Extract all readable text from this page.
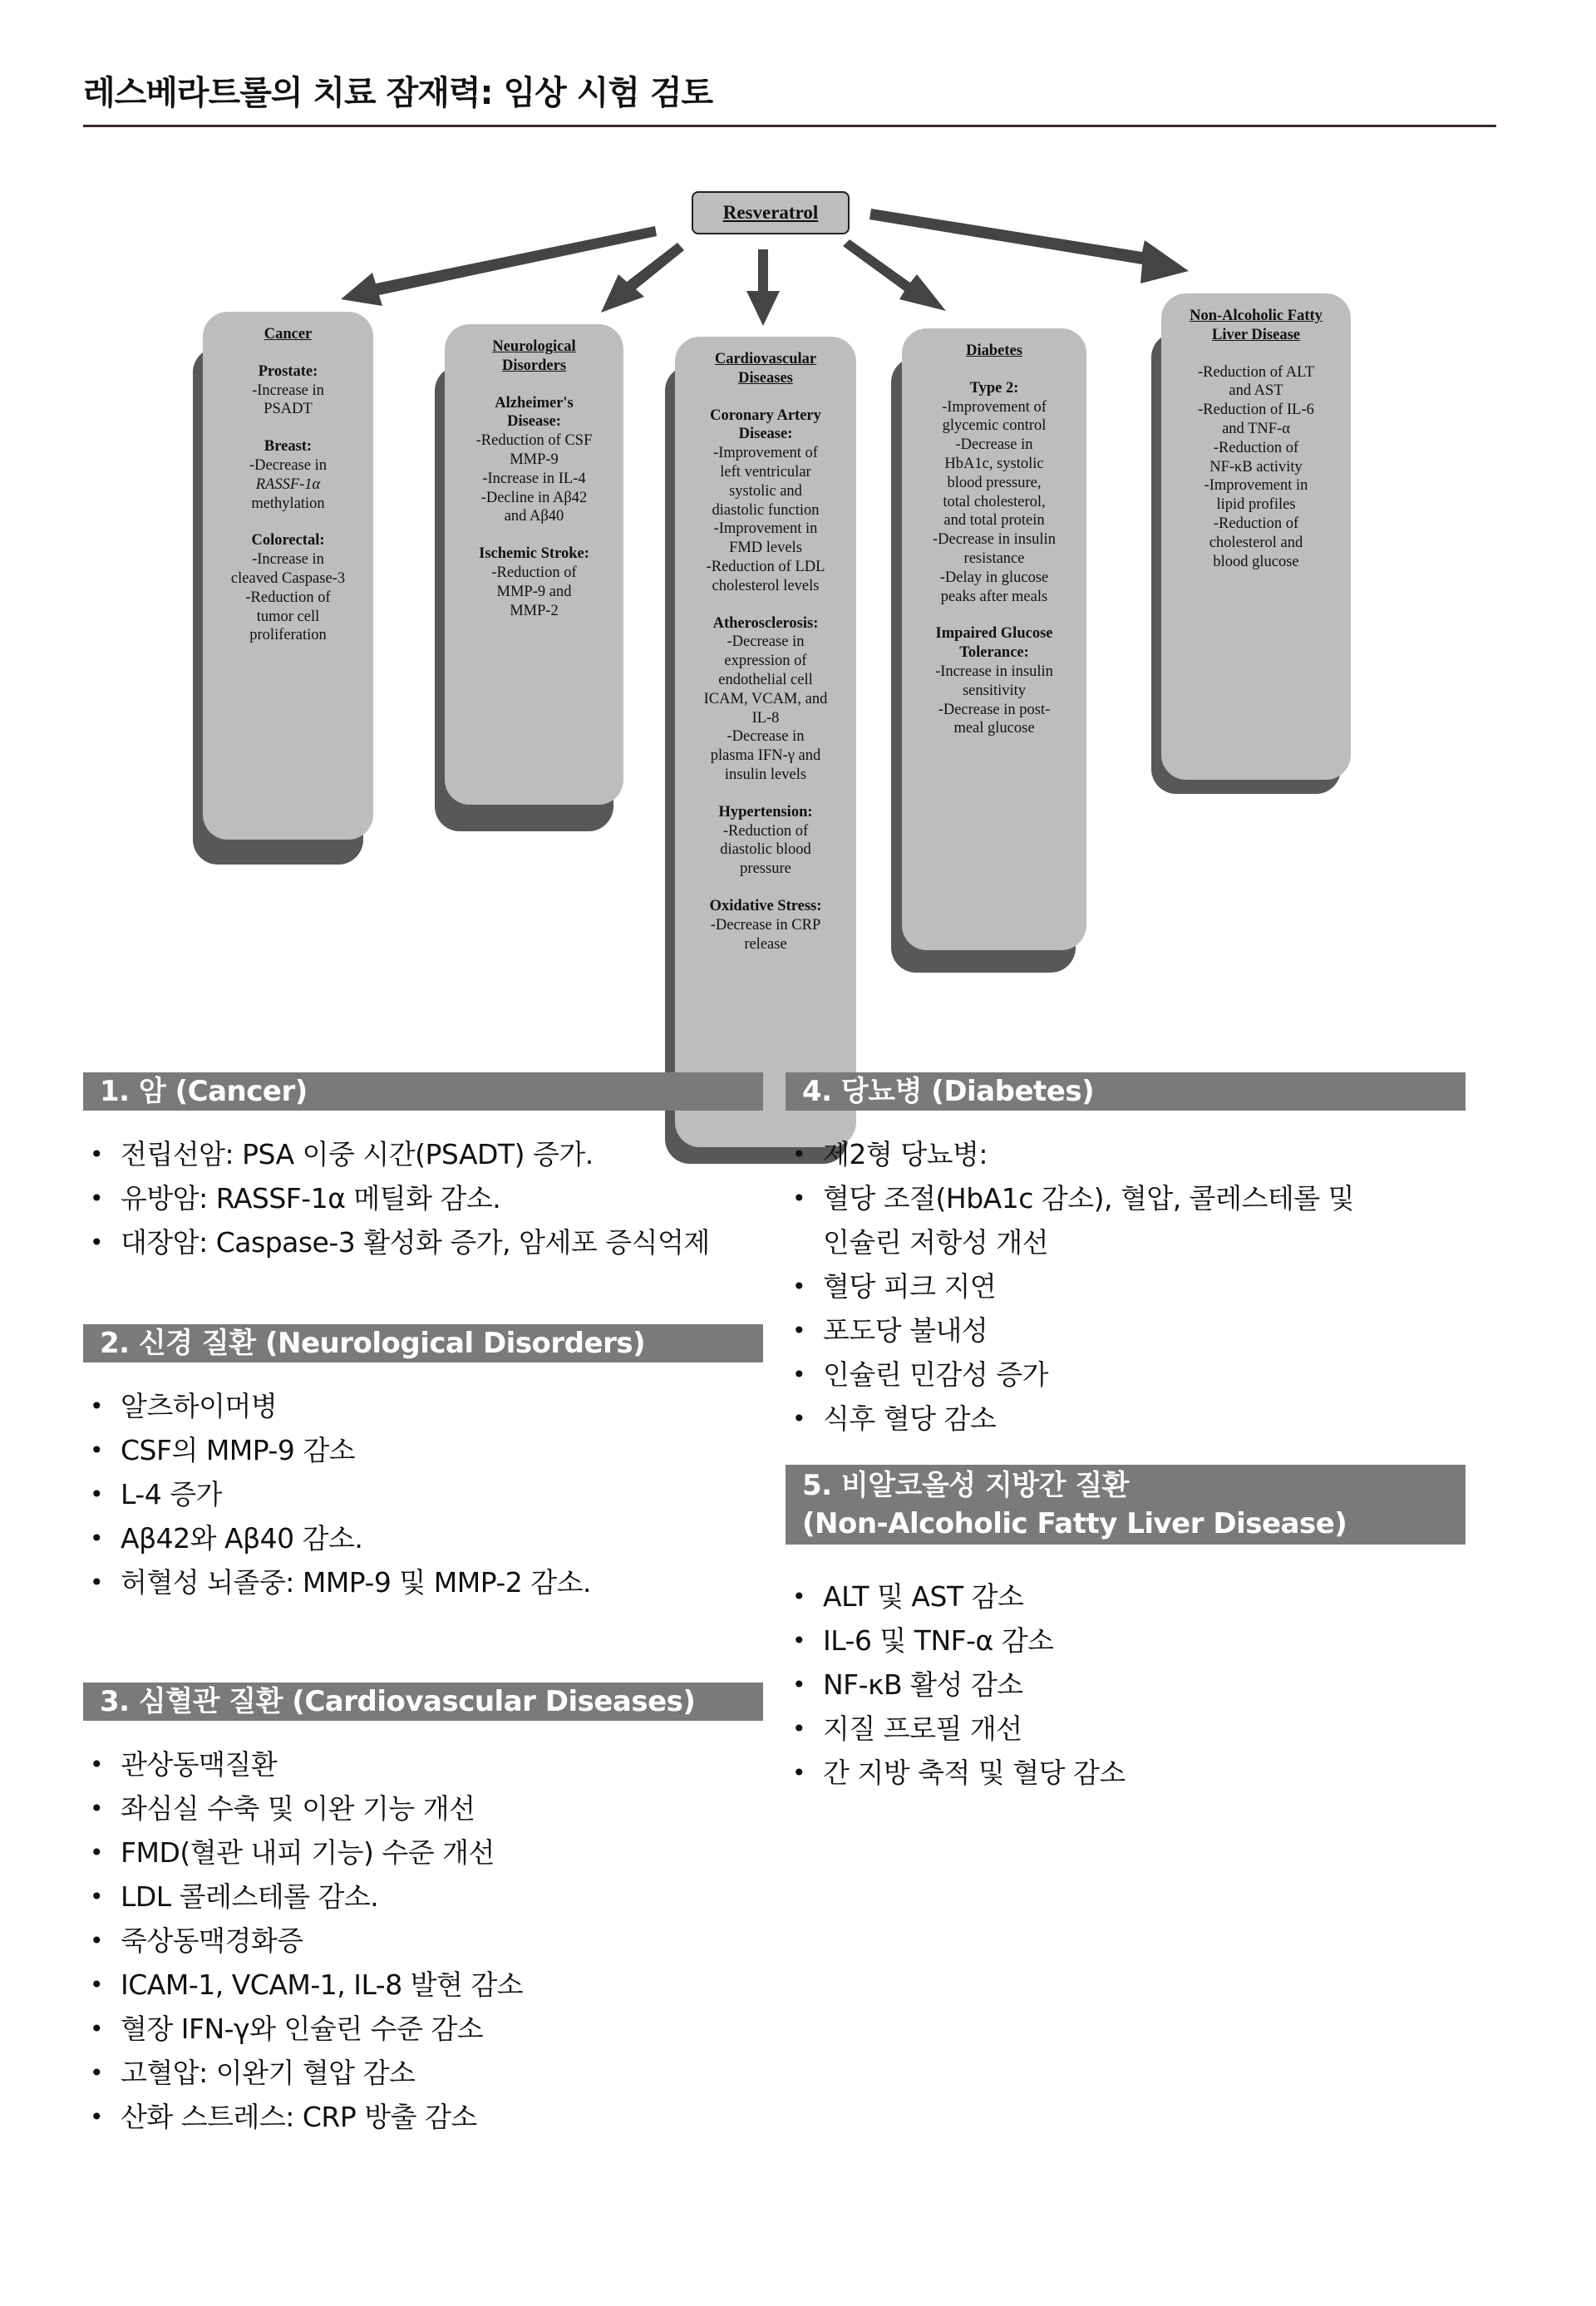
레스베라트롤의 치료 잠재력: 임상 시험 검토
Resveratrol
Cancer
Prostate:
-Increase in
PSADT
Breast:
-Decrease in
RASSF-1α
methylation
Colorectal:
-Increase in
cleaved Caspase-3
-Reduction of
tumor cell
proliferation
Neurological Disorders
Alzheimer's
Disease:
-Reduction of CSF
MMP-9
-Increase in IL-4
-Decline in Aβ42
and Aβ40
Ischemic Stroke:
-Reduction of
MMP-9 and
MMP-2
Cardiovascular Diseases
Coronary Artery
Disease:
-Improvement of
left ventricular
systolic and
diastolic function
-Improvement in
FMD levels
-Reduction of LDL
cholesterol levels
Atherosclerosis:
-Decrease in
expression of
endothelial cell
ICAM, VCAM, and
IL-8
-Decrease in
plasma IFN-γ and
insulin levels
Hypertension:
-Reduction of
diastolic blood
pressure
Oxidative Stress:
-Decrease in CRP
release
Diabetes
Type 2:
-Improvement of
glycemic control
-Decrease in
HbA1c, systolic
blood pressure,
total cholesterol,
and total protein
-Decrease in insulin
resistance
-Delay in glucose
peaks after meals
Impaired Glucose
Tolerance:
-Increase in insulin
sensitivity
-Decrease in post-
meal glucose
Non-Alcoholic Fatty Liver Disease
-Reduction of ALT
and AST
-Reduction of IL-6
and TNF-α
-Reduction of
NF-κB activity
-Improvement in
lipid profiles
-Reduction of
cholesterol and
blood glucose
1. 암 (Cancer)
• 전립선암: PSA 이중 시간(PSADT) 증가.
• 유방암: RASSF-1α 메틸화 감소.
• 대장암: Caspase-3 활성화 증가, 암세포 증식억제
2. 신경 질환 (Neurological Disorders)
• 알츠하이머병
• CSF의 MMP-9 감소
• L-4 증가
• Aβ42와 Aβ40 감소.
• 허혈성 뇌졸중: MMP-9 및 MMP-2 감소.
3. 심혈관 질환 (Cardiovascular Diseases)
• 관상동맥질환
• 좌심실 수축 및 이완 기능 개선
• FMD(혈관 내피 기능) 수준 개선
• LDL 콜레스테롤 감소.
• 죽상동맥경화증
• ICAM-1, VCAM-1, IL-8 발현 감소
• 혈장 IFN-γ와 인슐린 수준 감소
• 고혈압: 이완기 혈압 감소
• 산화 스트레스: CRP 방출 감소
4. 당뇨병 (Diabetes)
• 제2형 당뇨병:
• 혈당 조절(HbA1c 감소), 혈압, 콜레스테롤 및
인슐린 저항성 개선
• 혈당 피크 지연
• 포도당 불내성
• 인슐린 민감성 증가
• 식후 혈당 감소
5. 비알코올성 지방간 질환
(Non-Alcoholic Fatty Liver Disease)
• ALT 및 AST 감소
• IL-6 및 TNF-α 감소
• NF-κB 활성 감소
• 지질 프로필 개선
• 간 지방 축적 및 혈당 감소
